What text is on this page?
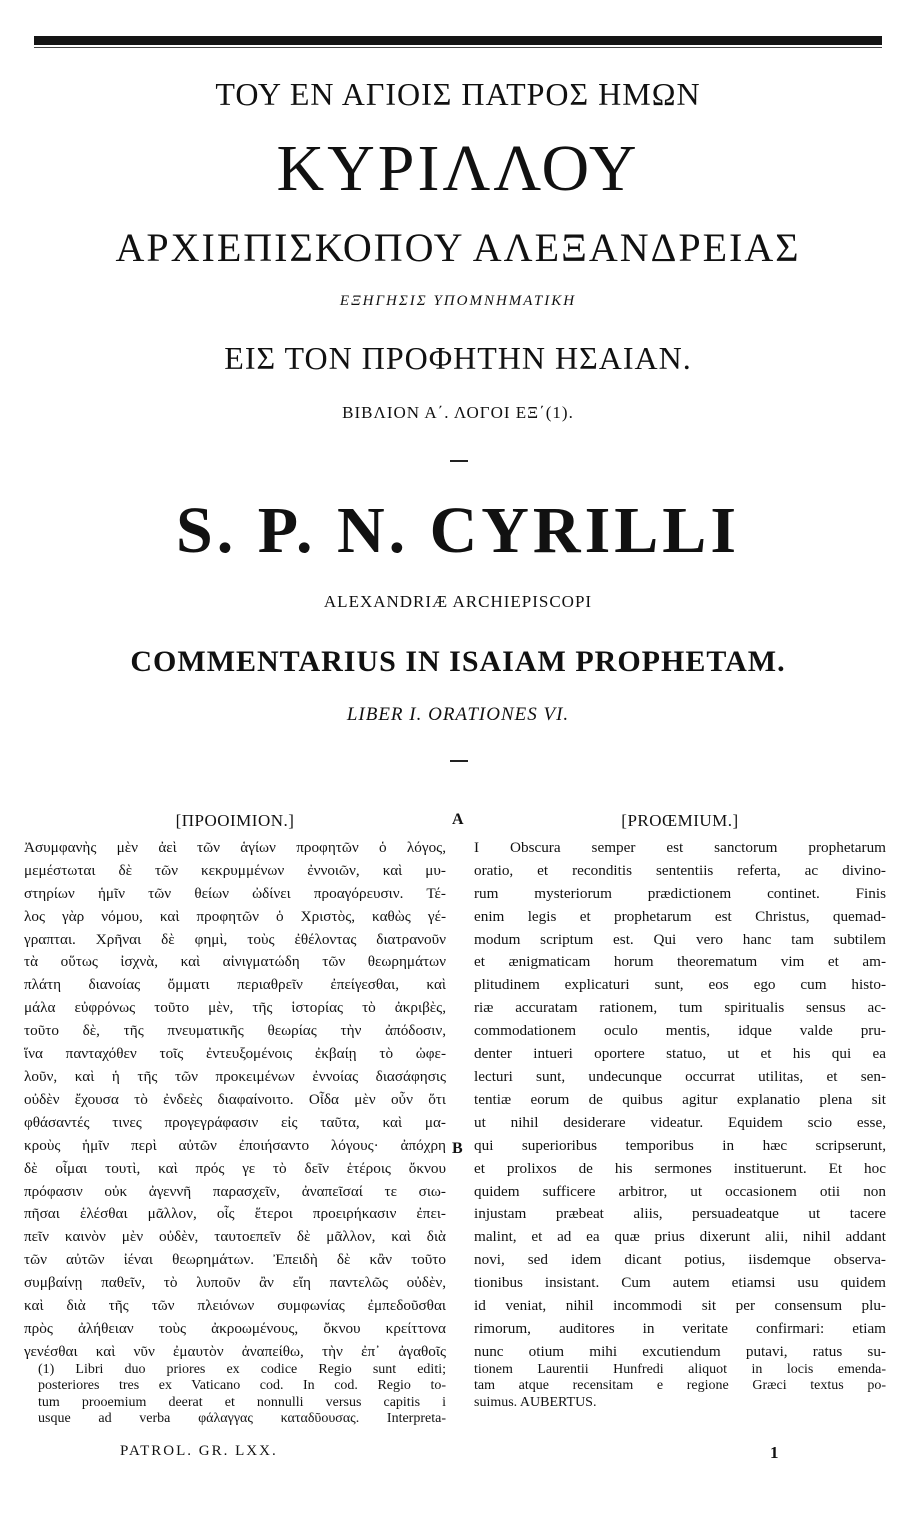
ΤΟΥ ΕΝ ΑΓΙΟΙΣ ΠΑΤΡΟΣ ΗΜΩΝ
ΚΥΡΙΛΛΟΥ
ΑΡΧΙΕΠΙΣΚΟΠΟΥ ΑΛΕΞΑΝΔΡΕΙΑΣ
ΕΞΗΓΗΣΙΣ ΥΠΟΜΝΗΜΑΤΙΚΗ
ΕΙΣ ΤΟΝ ΠΡΟΦΗΤΗΝ ΗΣΑΙΑΝ.
ΒΙΒΛΙΟΝ Α΄. ΛΟΓΟΙ ΕΞ΄(1).
S. P. N. CYRILLI
ALEXANDRIÆ ARCHIEPISCOPI
COMMENTARIUS IN ISAIAM PROPHETAM.
LIBER I. ORATIONES VI.
[ΠΡΟΟΙΜΙΟΝ.]
Ἀσυμφανὴς μὲν ἀεὶ τῶν ἁγίων προφητῶν ὁ λόγος,
μεμέστωται δὲ τῶν κεκρυμμένων ἐννοιῶν, καὶ μυ-
στηρίων ἡμῖν τῶν θείων ὠδίνει προαγόρευσιν. Τέ-
λος γὰρ νόμου, καὶ προφητῶν ὁ Χριστὸς, καθὼς γέ-
γραπται. Χρῆναι δὲ φημὶ, τοὺς ἐθέλοντας διατρανοῦν
τὰ οὕτως ἰσχνὰ, καὶ αἰνιγματώδη τῶν θεωρημάτων
πλάτη διανοίας ὄμματι περιαθρεῖν ἐπείγεσθαι, καὶ
μάλα εὐφρόνως τοῦτο μὲν, τῆς ἱστορίας τὸ ἀκριβὲς,
τοῦτο δὲ, τῆς πνευματικῆς θεωρίας τὴν ἀπόδοσιν,
ἵνα πανταχόθεν τοῖς ἐντευξομένοις ἐκβαίῃ τὸ ὠφε-
λοῦν, καὶ ἡ τῆς τῶν προκειμένων ἐννοίας διασάφησις
οὐδὲν ἔχουσα τὸ ἐνδεὲς διαφαίνοιτο. Οἶδα μὲν οὖν ὅτι
φθάσαντές τινες προγεγράφασιν εἰς ταῦτα, καὶ μα-
κροὺς ἡμῖν περὶ αὐτῶν ἐποιήσαντο λόγους· ἀπόχρη
δὲ οἶμαι τουτὶ, καὶ πρός γε τὸ δεῖν ἑτέροις ὄκνου
πρόφασιν οὐκ ἀγεννῆ παρασχεῖν, ἀναπεῖσαί τε σιω-
πῆσαι ἑλέσθαι μᾶλλον, οἷς ἕτεροι προειρήκασιν ἐπει-
πεῖν καινὸν μὲν οὐδὲν, ταυτοεπεῖν δὲ μᾶλλον, καὶ διὰ
τῶν αὐτῶν ἰέναι θεωρημάτων. Ἐπειδὴ δὲ κἂν τοῦτο
συμβαίνῃ παθεῖν, τὸ λυποῦν ἂν εἴη παντελῶς οὐδὲν,
καὶ διὰ τῆς τῶν πλειόνων συμφωνίας ἐμπεδοῦσθαι
πρὸς ἀλήθειαν τοὺς ἀκροωμένους, ὄκνου κρείττονα
γενέσθαι καὶ νῦν ἐμαυτὸν ἀναπείθω, τὴν ἐπ᾽ ἀγαθοῖς
A
B
[PROŒMIUM.]
I Obscura semper est sanctorum prophetarum
oratio, et reconditis sententiis referta, ac divino-
rum mysteriorum prædictionem continet. Finis
enim legis et prophetarum est Christus, quemad-
modum scriptum est. Qui vero hanc tam subtilem
et ænigmaticam horum theorematum vim et am-
plitudinem explicaturi sunt, eos ego cum histo-
riæ accuratam rationem, tum spiritualis sensus ac-
commodationem oculo mentis, idque valde pru-
denter intueri oportere statuo, ut et his qui ea
lecturi sunt, undecunque occurrat utilitas, et sen-
tentiæ eorum de quibus agitur explanatio plena sit
ut nihil desiderare videatur. Equidem scio esse,
qui superioribus temporibus in hæc scripserunt,
et prolixos de his sermones instituerunt. Et hoc
quidem sufficere arbitror, ut occasionem otii non
injustam præbeat aliis, persuadeatque ut tacere
malint, et ad ea quæ prius dixerunt alii, nihil addant
novi, sed idem dicant potius, iisdemque observa-
tionibus insistant. Cum autem etiamsi usu quidem
id veniat, nihil incommodi sit per consensum plu-
rimorum, auditores in veritate confirmari: etiam
nunc otium mihi excutiendum putavi, ratus su-
(1) Libri duo priores ex codice Regio sunt editi;
posteriores tres ex Vaticano cod. In cod. Regio to-
tum prooemium deerat et nonnulli versus capitis i
usque ad verba φάλαγγας καταδῦουσας. Interpreta-
tionem Laurentii Hunfredi aliquot in locis emenda-
tam atque recensitam e regione Græci textus po-
suimus. AUBERTUS.
PATROL. GR. LXX.	1
